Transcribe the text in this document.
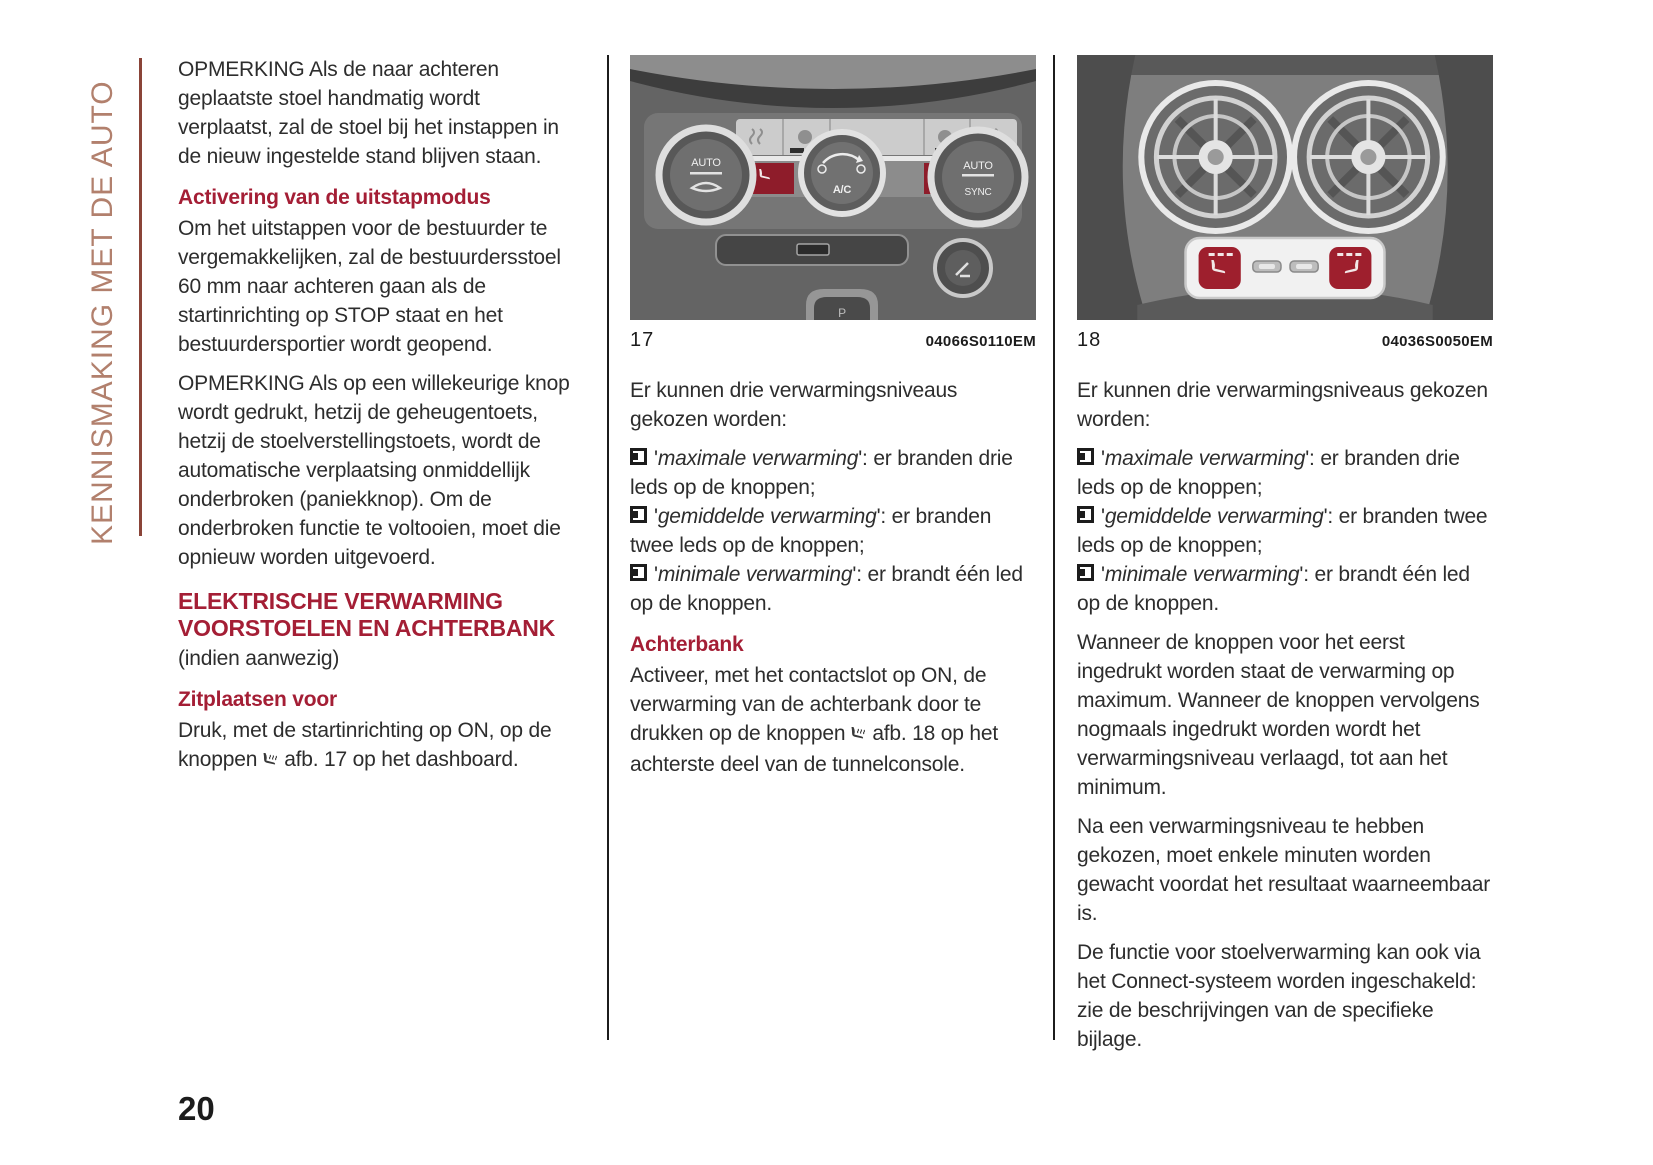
KENNISMAKING MET DE AUTO

OPMERKING Als de naar achteren geplaatste stoel handmatig wordt verplaatst, zal de stoel bij het instappen in de nieuw ingestelde stand blijven staan.

Activering van de uitstapmodus

Om het uitstappen voor de bestuurder te vergemakkelijken, zal de bestuurdersstoel 60 mm naar achteren gaan als de startinrichting op STOP staat en het bestuurdersportier wordt geopend.

OPMERKING Als op een willekeurige knop wordt gedrukt, hetzij de geheugentoets, hetzij de stoelverstellingstoets, wordt de automatische verplaatsing onmiddellijk onderbroken (paniekknop). Om de onderbroken functie te voltooien, moet die opnieuw worden uitgevoerd.

ELEKTRISCHE VERWARMING
VOORSTOELEN EN ACHTERBANK

(indien aanwezig)

Zitplaatsen voor

Druk, met de startinrichting op ON, op de knoppen afb. 17 op het dashboard.

AUTO	AUTO
SYNC
A/C
P
17	04066S0110EM

Er kunnen drie verwarmingsniveaus gekozen worden:

'maximale verwarming': er branden drie leds op de knoppen;
'gemiddelde verwarming': er branden twee leds op de knoppen;
'minimale verwarming': er brandt één led op de knoppen.
Achterbank

Activeer, met het contactslot op ON, de verwarming van de achterbank door te drukken op de knoppen afb. 18 op het achterste deel van de tunnelconsole.

18	04036S0050EM

Er kunnen drie verwarmingsniveaus gekozen worden:

'maximale verwarming': er branden drie leds op de knoppen;
'gemiddelde verwarming': er branden twee leds op de knoppen;
'minimale verwarming': er brandt één led op de knoppen.

Wanneer de knoppen voor het eerst ingedrukt worden staat de verwarming op maximum. Wanneer de knoppen vervolgens nogmaals ingedrukt worden wordt het verwarmingsniveau verlaagd, tot aan het minimum.

Na een verwarmingsniveau te hebben gekozen, moet enkele minuten worden gewacht voordat het resultaat waarneembaar is.

De functie voor stoelverwarming kan ook via het Connect-systeem worden ingeschakeld: zie de beschrijvingen van de specifieke bijlage.

20
